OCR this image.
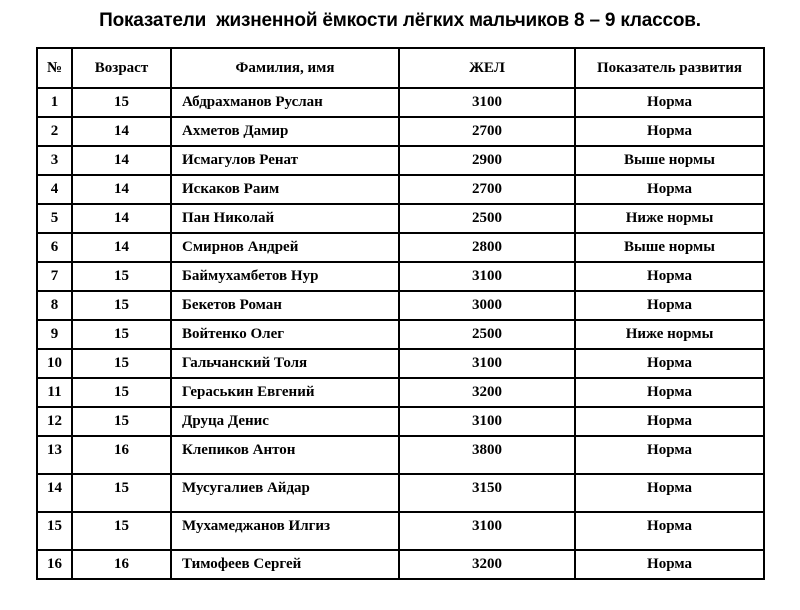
Показатели  жизненной ёмкости лёгких мальчиков 8 – 9 классов.
№	Возраст	Фамилия, имя	ЖЕЛ	Показатель развития
1	15	Абдрахманов Руслан	3100	Норма
2	14	Ахметов Дамир	2700	Норма
3	14	Исмагулов Ренат	2900	Выше нормы
4	14	Искаков Раим	2700	Норма
5	14	Пан Николай	2500	Ниже нормы
6	14	Смирнов Андрей	2800	Выше нормы
7	15	Баймухамбетов Нур	3100	Норма
8	15	Бекетов Роман	3000	Норма
9	15	Войтенко Олег	2500	Ниже нормы
10	15	Гальчанский Толя	3100	Норма
11	15	Гераськин Евгений	3200	Норма
12	15	Друца Денис	3100	Норма
13	16	Клепиков Антон	3800	Норма
14	15	Мусугалиев Айдар	3150	Норма
15	15	Мухамеджанов Илгиз	3100	Норма
16	16	Тимофеев Сергей	3200	Норма
